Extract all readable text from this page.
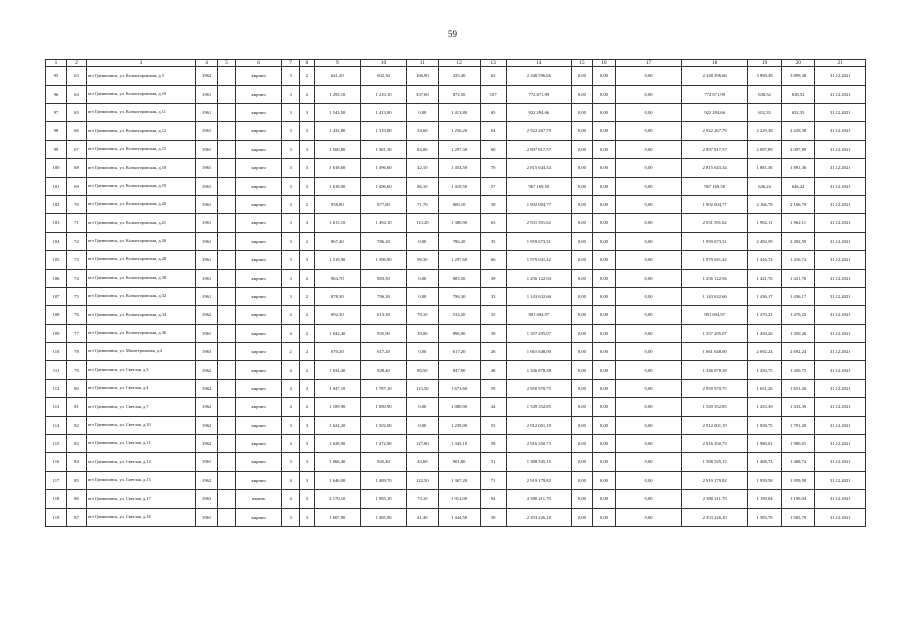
59
1	2	3	4	5	6	7	8	9	10	11	12	13	14	15	16	17	18	19	20	21
95	63	пгт Гремячинск, ул. Колмогоровская, д.5	1962		кирпич	3	2	641,20	602,30	166,90	435,40	63	2 348 596,66	0,00	0,00	0,00	2 348 596,66	3 899,38	3 899,38	31.12.2021
96	64	пгт Гремячинск, ул. Колмогоровская, д.10	1961		кирпич	3	2	1 293,10	1 210,10	337,60	872,50	107	772 671,99	0,00	0,00	0,00	772 671,99	638,52	638,52	31.12.2021
97	65	пгт Гремячинск, ул. Колмогоровская, д.11	1961		кирпич	3	3	1 543,50	1 413,80	0,00	1 413,80	65	922 294,66	0,00	0,00	0,00	922 294,66	652,35	652,35	31.12.2021
98	66	пгт Гремячинск, ул. Колмогоровская, д.12	1961		кирпич	3	3	1 432,80	1 310,80	54,60	1 256,20	64	2 922 267,79	0,00	0,00	0,00	2 922 267,79	2 229,38	2 229,38	31.12.2021
99	67	пгт Гремячинск, ул. Колмогоровская, д.15	1961		кирпич	3	3	1 500,80	1 381,30	84,00	1 297,30	60	2 897 817,57	0,00	0,00	0,00	2 897 817,57	2 097,89	2 097,89	31.12.2021
100	68	пгт Гремячинск, ул. Колмогоровская, д.18	1961		кирпич	3	3	1 618,60	1 496,60	42,10	1 454,50	70	2 815 643,34	0,00	0,00	0,00	2 815 643,34	1 881,36	1 881,36	31.12.2021
101	69	пгт Гремячинск, ул. Колмогоровская, д.19	1961		кирпич	3	3	1 618,00	1 496,60	86,10	1 410,50	57	967 169,50	0,00	0,00	0,00	967 169,50	646,24	646,24	31.12.2021
102	70	пгт Гремячинск, ул. Колмогоровская, д.20	1961		кирпич	3	2	958,80	877,80	71,70	806,10	39	1 902 004,77	0,00	0,00	0,00	1 902 004,77	2 166,79	2 166,79	31.12.2021
103	71	пгт Гремячинск, ул. Колмогоровская, д.21	1961		кирпич	3	3	1 613,10	1 494,10	113,20	1 380,90	63	2 931 591,62	0,00	0,00	0,00	2 931 591,62	1 962,11	1 962,11	31.12.2021
104	72	пгт Гремячинск, ул. Колмогоровская, д.26	1961		кирпич	3	2	867,40	786,20	0,00	786,20	35	1 959 673,31	0,00	0,00	0,00	1 959 673,31	2 492,59	2 492,59	31.12.2021
105	73	пгт Гремячинск, ул. Колмогоровская, д.28	1961		кирпич	3	3	1 519,90	1 396,90	99,30	1 297,60	66	1 979 041,42	0,00	0,00	0,00	1 979 041,42	1 416,74	1 416,74	31.12.2021
106	74	пгт Гремячинск, ул. Колмогоровская, д.30	1961		кирпич	3	2	964,70	883,50	0,00	883,50	39	1 256 122,94	0,00	0,00	0,00	1 256 122,94	1 421,76	1 421,76	31.12.2021
107	75	пгт Гремячинск, ул. Колмогоровская, д.32	1961		кирпич	3	2	878,30	796,30	0,00	796,30	33	1 143 632,66	0,00	0,00	0,00	1 143 632,66	1 436,17	1 436,17	31.12.2021
108	76	пгт Гремячинск, ул. Колмогоровская, д.34	1962		кирпич	2	2	692,50	613,30	79,10	534,20	35	901 694,97	0,00	0,00	0,00	901 694,97	1 470,23	1 470,23	31.12.2021
109	77	пгт Гремячинск, ул. Колмогоровская, д.36	1961		кирпич	4	2	1 042,40	935,90	39,00	896,90	39	1 357 295,07	0,00	0,00	0,00	1 357 295,07	1 450,26	1 450,26	31.12.2021
110	78	пгт Гремячинск, ул. Магистральная, д.2	1963		кирпич	2	2	670,20	617,20	0,00	617,20	26	1 661 648,00	0,00	0,00	0,00	1 661 648,00	2 692,24	2 692,24	31.12.2021
111	79	пгт Гремячинск, ул. Светлая, д.3	1962		кирпич	4	2	1 034,40	928,40	80,50	847,90	48	1 346 878,38	0,00	0,00	0,00	1 346 878,38	1 450,75	1 450,75	31.12.2021
112	80	пгт Гремячинск, ул. Светлая, д.4	1962		кирпич	4	3	1 947,10	1 787,10	113,50	1 673,60	59	2 950 970,75	0,00	0,00	0,00	2 950 970,75	1 651,26	1 651,26	31.12.2021
113	81	пгт Гремячинск, ул. Светлая, д.7	1962		кирпич	4	2	1 189,90	1 080,90	0,00	1 080,90	44	1 549 352,85	0,00	0,00	0,00	1 549 352,85	1 433,39	1 433,39	31.12.2021
114	82	пгт Гремячинск, ул. Светлая, д.10	1962		кирпич	3	3	1 624,20	1 502,00	0,00	1 239,00	53	2 912 001,19	0,00	0,00	0,00	2 912 001,19	1 938,75	1 791,20	31.12.2021
115	83	пгт Гремячинск, ул. Светлая, д.11	1962		кирпич	4	3	1 628,90	1 472,90	127,80	1 345,10	58	2 916 350,73	0,00	0,00	0,00	2 916 350,73	1 980,01	1 980,01	31.12.2021
116	84	пгт Гремячинск, ул. Светлая, д.12	1961		кирпич	3	3	1 066,40	945,40	43,60	901,80	51	1 388 545,15	0,00	0,00	0,00	1 388 545,15	1 468,74	1 468,74	31.12.2021
117	85	пгт Гремячинск, ул. Светлая, д.13	1962		кирпич	4	3	1 646,00	1 489,70	122,50	1 367,20	71	2 919 179,82	0,00	0,00	0,00	2 919 179,82	1 959,58	1 959,58	31.12.2021
118	86	пгт Гремячинск, ул. Светлая, д.17	1963		панель	4	3	2 170,10	1 985,10	73,10	1 912,00	94	2 380 211,70	0,00	0,00	0,00	2 380 211,70	1 199,04	1 199,04	31.12.2021
119	87	пгт Гремячинск, ул. Светлая, д.18	1961		кирпич	3	3	1 607,90	1 485,90	41,40	1 444,50	50	2 353 226,10	0,00	0,00	0,00	2 353 226,10	1 583,70	1 583,70	31.12.2021
